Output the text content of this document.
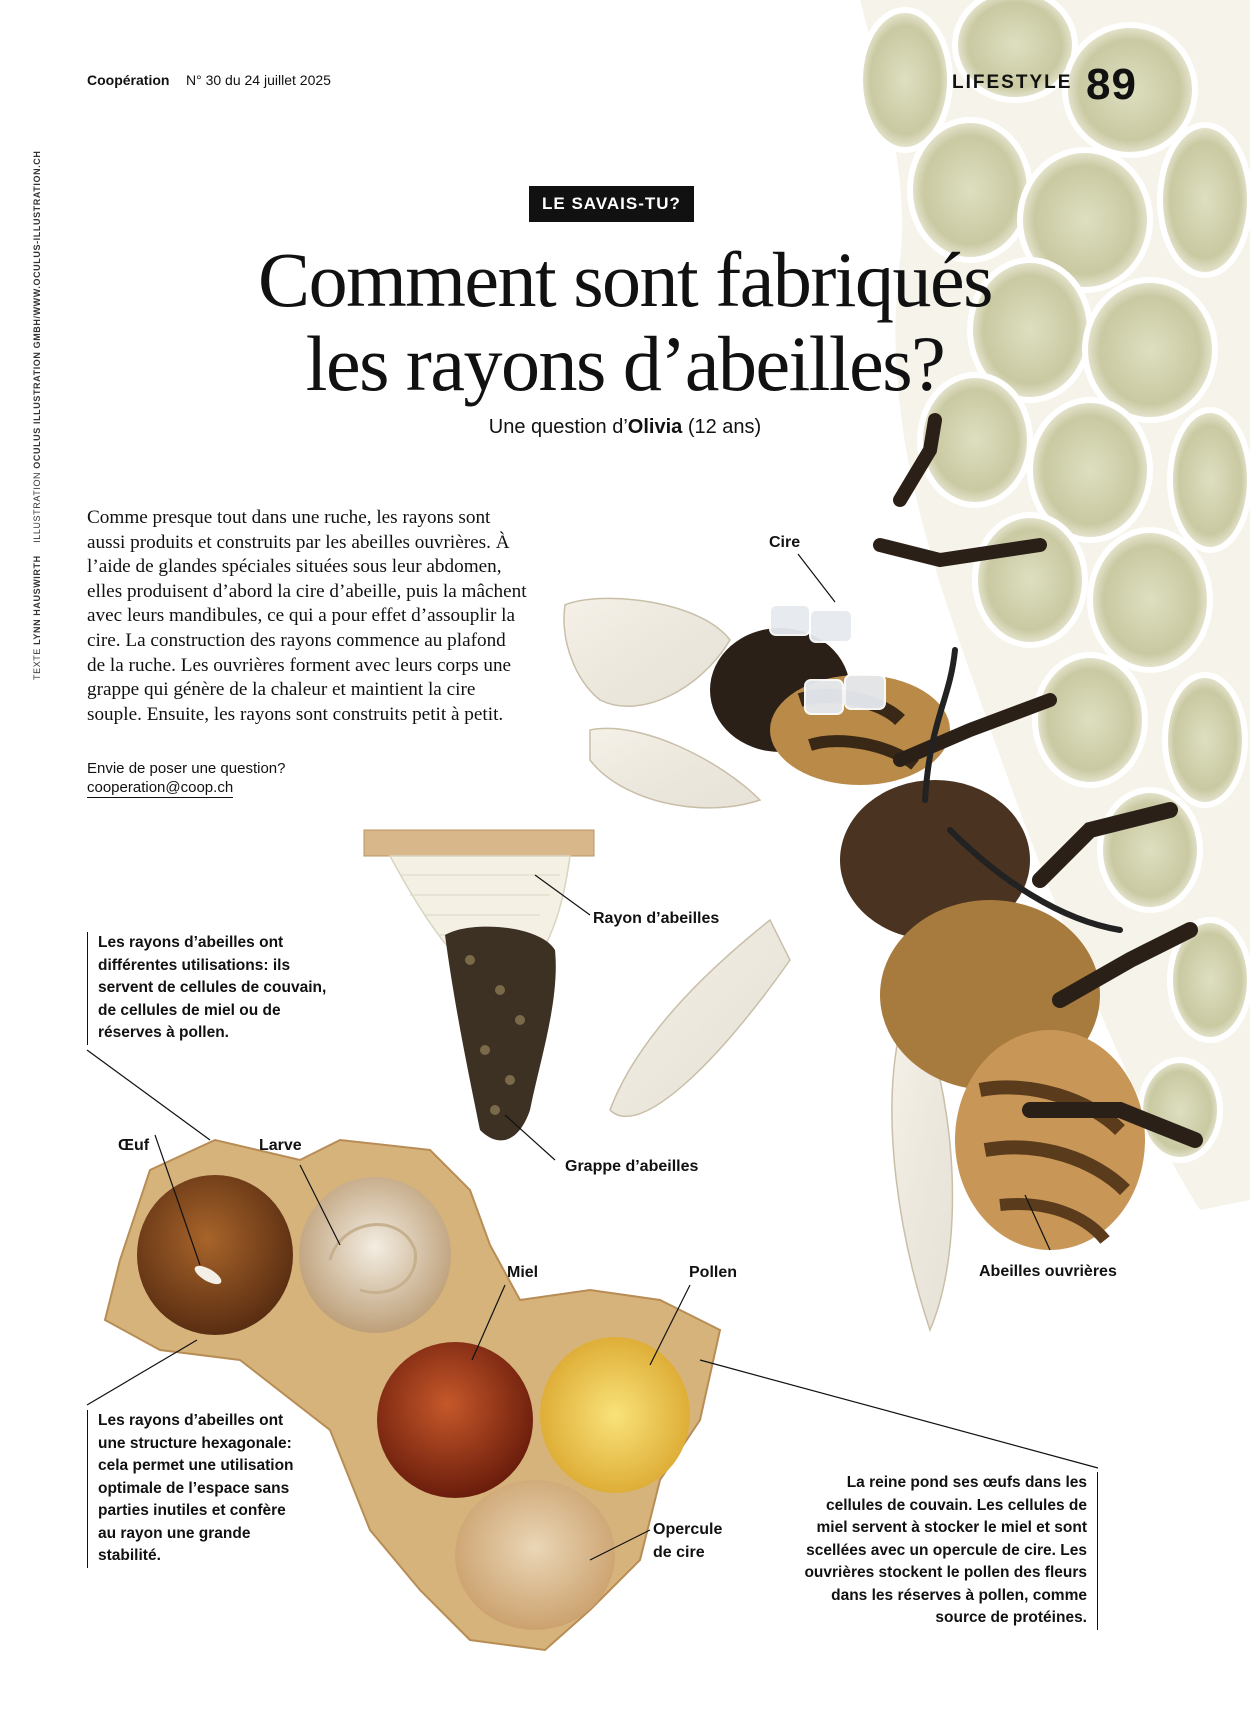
Coopération N° 30 du 24 juillet 2025	LIFESTYLE 89
TEXTE LYNN HAUSWIRTH    ILLUSTRATION OCULUS ILLUSTRATION GMBH/WWW.OCULUS-ILLUSTRATION.CH	LE SAVAIS-TU?
Comment sont fabriqués
les rayons d’abeilles?
Une question d’Olivia (12 ans)
Comme presque tout dans une ruche, les rayons sont aussi produits et construits par les abeilles ouvrières. À l’aide de glandes spéciales situées sous leur abdomen, elles produisent d’abord la cire d’abeille, puis la mâchent avec leurs mandibules, ce qui a pour effet d’assouplir la cire. La construction des rayons commence au plafond de la ruche. Les ouvrières forment avec leurs corps une grappe qui génère de la chaleur et maintient la cire souple. Ensuite, les rayons sont construits petit à petit.
Envie de poser une question?
cooperation@coop.ch
Cire
Rayon d’abeilles
Grappe d’abeilles
Œuf	Larve
Miel	Pollen	Abeilles ouvrières
Opercule
de cire
Les rayons d’abeilles ont différentes utilisations: ils servent de cellules de couvain, de cellules de miel ou de réserves à pollen.
Les rayons d’abeilles ont une structure hexagonale: cela permet une utilisation optimale de l’espace sans parties inutiles et confère au rayon une grande stabilité.
La reine pond ses œufs dans les cellules de couvain. Les cellules de miel servent à stocker le miel et sont scellées avec un opercule de cire. Les ouvrières stockent le pollen des fleurs dans les réserves à pollen, comme source de protéines.
